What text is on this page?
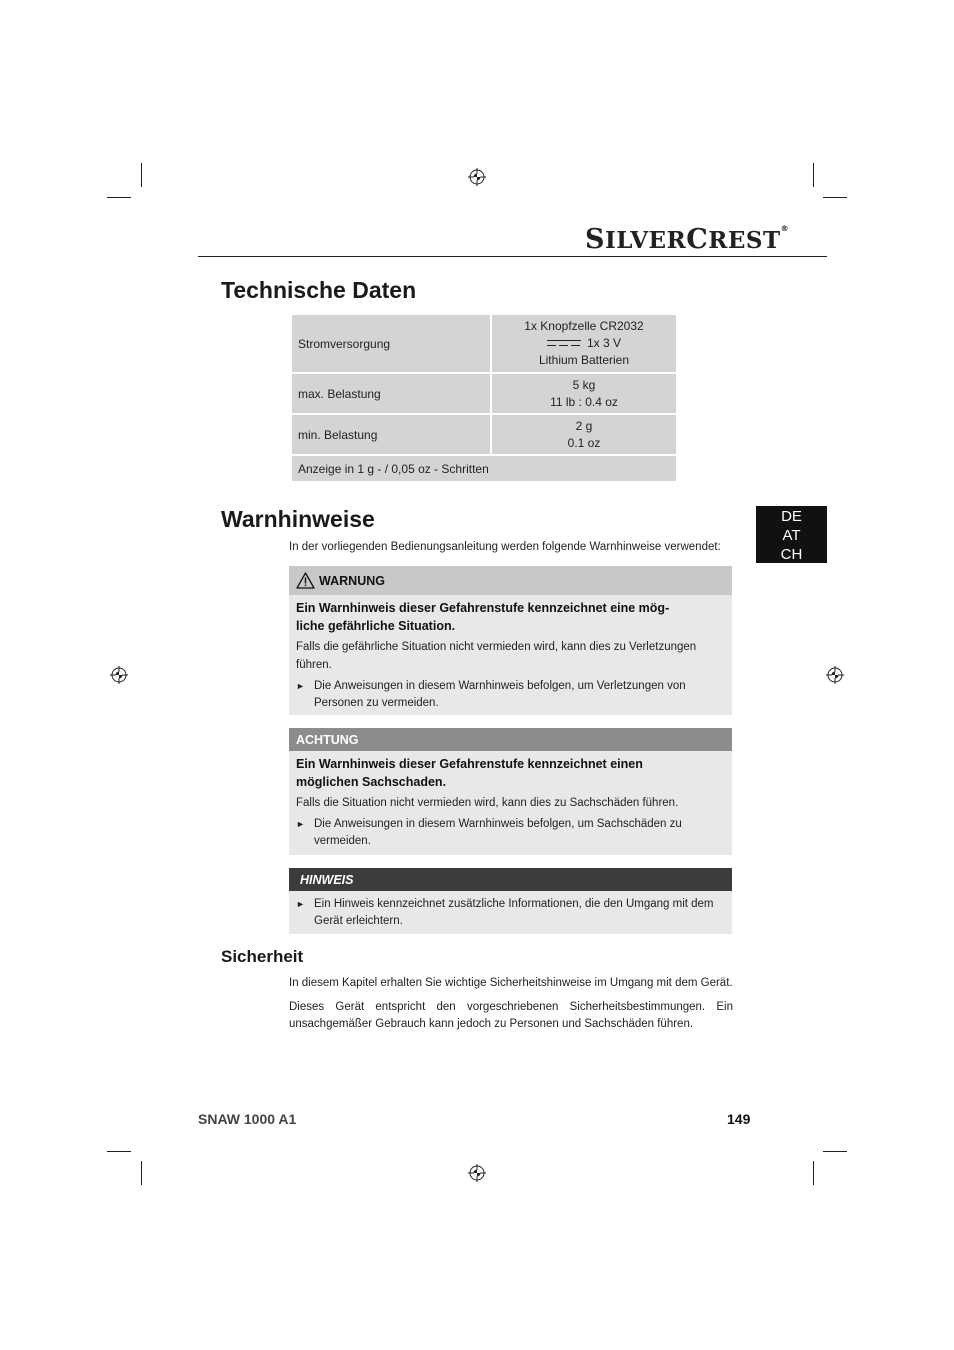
SILVERCREST®
Technische Daten
Stromversorgung	1x Knopfzelle CR2032
1x 3 V
Lithium Batterien

max. Belastung	5 kg
11 lb : 0.4 oz

min. Belastung	2 g
0.1 oz

Anzeige in 1 g - / 0,05 oz - Schritten	
Warnhinweise	DE
AT
CH
In der vorliegenden Bedienungsanleitung werden folgende Warnhinweise verwendet:
WARNUNG
Ein Warnhinweis dieser Gefahrenstufe kennzeichnet eine mög-
liche gefährliche Situation.

Falls die gefährliche Situation nicht vermieden wird, kann dies zu Verletzungen führen.

► Die Anweisungen in diesem Warnhinweis befolgen, um Verletzungen von Personen zu vermeiden.
ACHTUNG
Ein Warnhinweis dieser Gefahrenstufe kennzeichnet einen
möglichen Sachschaden.

Falls die Situation nicht vermieden wird, kann dies zu Sachschäden führen.

► Die Anweisungen in diesem Warnhinweis befolgen, um Sachschäden zu vermeiden.
HINWEIS
► Ein Hinweis kennzeichnet zusätzliche Informationen, die den Umgang mit dem Gerät erleichtern.
Sicherheit

In diesem Kapitel erhalten Sie wichtige Sicherheitshinweise im Umgang mit dem Gerät.

Dieses Gerät entspricht den vorgeschriebenen Sicherheitsbestimmungen. Ein unsachgemäßer Gebrauch kann jedoch zu Personen und Sachschäden führen.

SNAW 1000 A1	149
